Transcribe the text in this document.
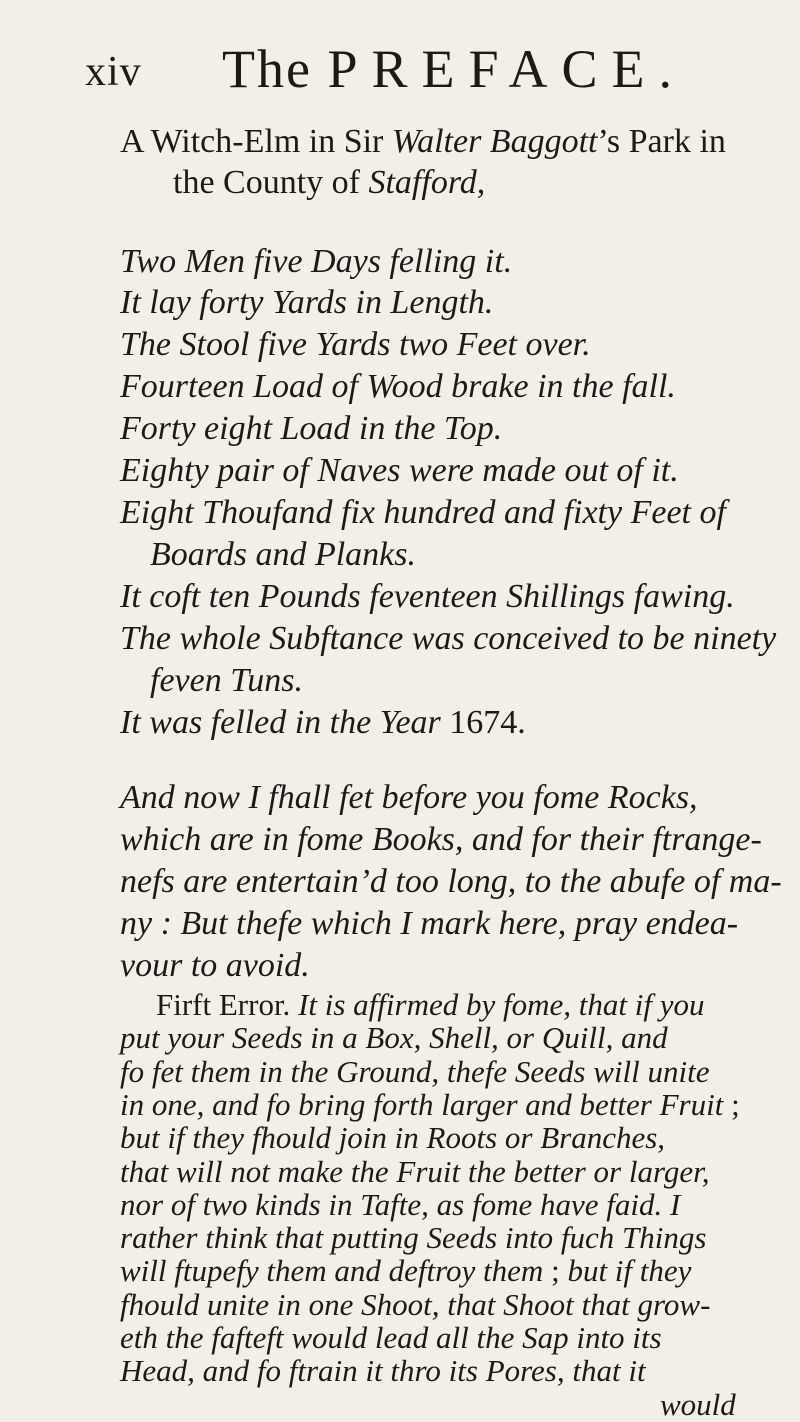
xiv The PREFACE.
A Witch-Elm in Sir Walter Baggott’s Park in
the County of Stafford,
Two Men five Days felling it.
It lay forty Yards in Length.
The Stool five Yards two Feet over.
Fourteen Load of Wood brake in the fall.
Forty eight Load in the Top.
Eighty pair of Naves were made out of it.
Eight Thoufand fix hundred and fixty Feet of
Boards and Planks.
It coft ten Pounds feventeen Shillings fawing.
The whole Subftance was conceived to be ninety
feven Tuns.
It was felled in the Year 1674.
And now I fhall fet before you fome Rocks,
which are in fome Books, and for their ftrange-
nefs are entertain’d too long, to the abufe of ma-
ny : But thefe which I mark here, pray endea-
vour to avoid.
Firft Error. It is affirmed by fome, that if you
put your Seeds in a Box, Shell, or Quill, and
fo fet them in the Ground, thefe Seeds will unite
in one, and fo bring forth larger and better Fruit ;
but if they fhould join in Roots or Branches,
that will not make the Fruit the better or larger,
nor of two kinds in Tafte, as fome have faid. I
rather think that putting Seeds into fuch Things
will ftupefy them and deftroy them ; but if they
fhould unite in one Shoot, that Shoot that grow-
eth the fafteft would lead all the Sap into its
Head, and fo ftrain it thro its Pores, that it
would
